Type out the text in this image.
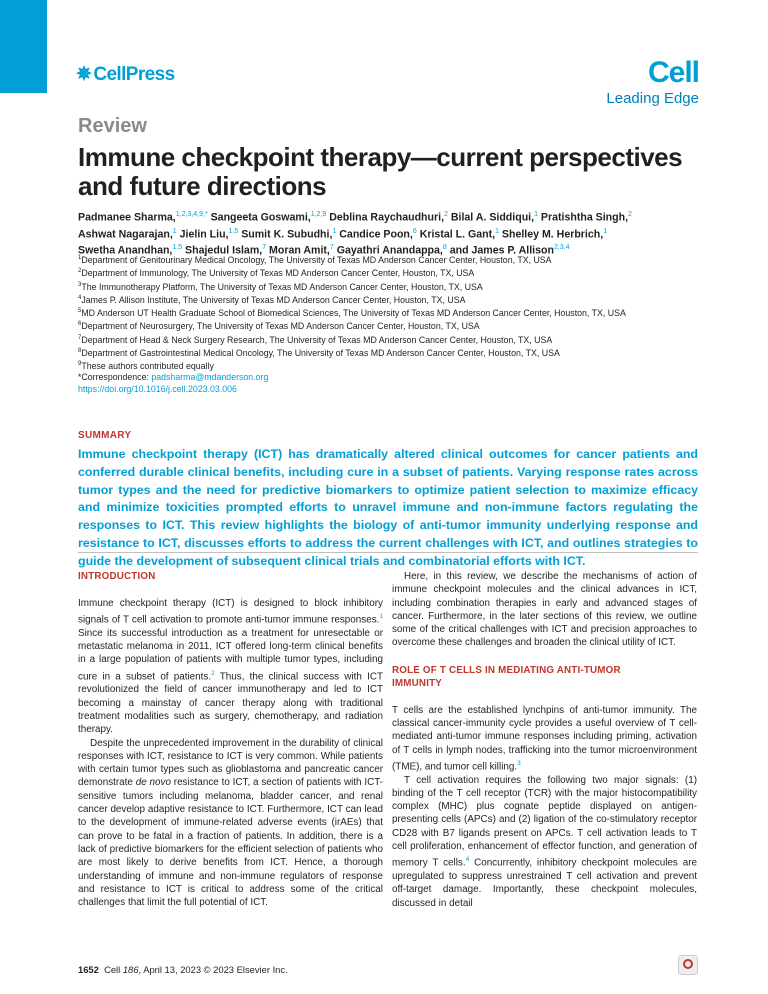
✵ CellPress	Cell
Leading Edge
Review
Immune checkpoint therapy—current perspectives
and future directions
Padmanee Sharma,$^{1,2,3,4,9,*}$ Sangeeta Goswami,$^{1,2,9}$ Deblina Raychaudhuri,$^2$ Bilal A. Siddiqui,$^1$ Pratishtha Singh,$^2$
Ashwat Nagarajan,$^1$ Jielin Liu,$^{1,5}$ Sumit K. Subudhi,$^1$ Candice Poon,$^6$ Kristal L. Gant,$^1$ Shelley M. Herbrich,$^1$
Swetha Anandhan,$^{1,5}$ Shajedul Islam,$^7$ Moran Amit,$^7$ Gayathri Anandappa,$^8$ and James P. Allison$^{2,3,4}$
$^1$Department of Genitourinary Medical Oncology, The University of Texas MD Anderson Cancer Center, Houston, TX, USA
$^2$Department of Immunology, The University of Texas MD Anderson Cancer Center, Houston, TX, USA
$^3$The Immunotherapy Platform, The University of Texas MD Anderson Cancer Center, Houston, TX, USA
$^4$James P. Allison Institute, The University of Texas MD Anderson Cancer Center, Houston, TX, USA
$^5$MD Anderson UT Health Graduate School of Biomedical Sciences, The University of Texas MD Anderson Cancer Center, Houston, TX, USA
$^6$Department of Neurosurgery, The University of Texas MD Anderson Cancer Center, Houston, TX, USA
$^7$Department of Head & Neck Surgery Research, The University of Texas MD Anderson Cancer Center, Houston, TX, USA
$^8$Department of Gastrointestinal Medical Oncology, The University of Texas MD Anderson Cancer Center, Houston, TX, USA
$^9$These authors contributed equally
*Correspondence: padsharma@mdanderson.org
https://doi.org/10.1016/j.cell.2023.03.006
SUMMARY

Immune checkpoint therapy (ICT) has dramatically altered clinical outcomes for cancer patients and conferred durable clinical benefits, including cure in a subset of patients. Varying response rates across tumor types and the need for predictive biomarkers to optimize patient selection to maximize efficacy and minimize toxicities prompted efforts to unravel immune and non-immune factors regulating the responses to ICT. This review highlights the biology of anti-tumor immunity underlying response and resistance to ICT, discusses efforts to address the current challenges with ICT, and outlines strategies to guide the development of subsequent clinical trials and combinatorial efforts with ICT.

INTRODUCTION

Immune checkpoint therapy (ICT) is designed to block inhibitory signals of T cell activation to promote anti-tumor immune responses.$^1$ Since its successful introduction as a treatment for unresectable or metastatic melanoma in 2011, ICT offered long-term clinical benefits in a large population of patients with multiple tumor types, including cure in a subset of patients.$^2$ Thus, the clinical success with ICT revolutionized the field of cancer immunotherapy and led to ICT becoming a mainstay of cancer therapy along with traditional treatment modalities such as surgery, chemotherapy, and radiation therapy.

Despite the unprecedented improvement in the durability of clinical responses with ICT, resistance to ICT is very common. While patients with certain tumor types such as glioblastoma and pancreatic cancer demonstrate de novo resistance to ICT, a section of patients with ICT-sensitive tumors including melanoma, bladder cancer, and renal cancer develop adaptive resistance to ICT. Furthermore, ICT can lead to the development of immune-related adverse events (irAEs) that can prove to be fatal in a fraction of patients. In addition, there is a lack of predictive biomarkers for the efficient selection of patients who are most likely to derive benefits from ICT. Hence, a thorough understanding of immune and non-immune regulators of response and resistance to ICT is critical to address some of the critical challenges that limit the full potential of ICT.

Here, in this review, we describe the mechanisms of action of immune checkpoint molecules and the clinical advances in ICT, including combination therapies in early and advanced stages of cancer. Furthermore, in the later sections of this review, we outline some of the critical challenges with ICT and precision approaches to overcome these challenges and broaden the clinical utility of ICT.

ROLE OF T CELLS IN MEDIATING ANTI-TUMOR
IMMUNITY

T cells are the established lynchpins of anti-tumor immunity. The classical cancer-immunity cycle provides a useful overview of T cell-mediated anti-tumor immune responses including priming, activation of T cells in lymph nodes, trafficking into the tumor microenvironment (TME), and tumor cell killing.$^3$

T cell activation requires the following two major signals: (1) binding of the T cell receptor (TCR) with the major histocompatibility complex (MHC) plus cognate peptide displayed on antigen-presenting cells (APCs) and (2) ligation of the co-stimulatory receptor CD28 with B7 ligands present on APCs. T cell activation leads to T cell proliferation, enhancement of effector function, and generation of memory T cells.$^4$ Concurrently, inhibitory checkpoint molecules are upregulated to suppress unrestrained T cell activation and prevent off-target damage. Importantly, these checkpoint molecules, discussed in detail

1652 Cell 186, April 13, 2023 © 2023 Elsevier Inc.
